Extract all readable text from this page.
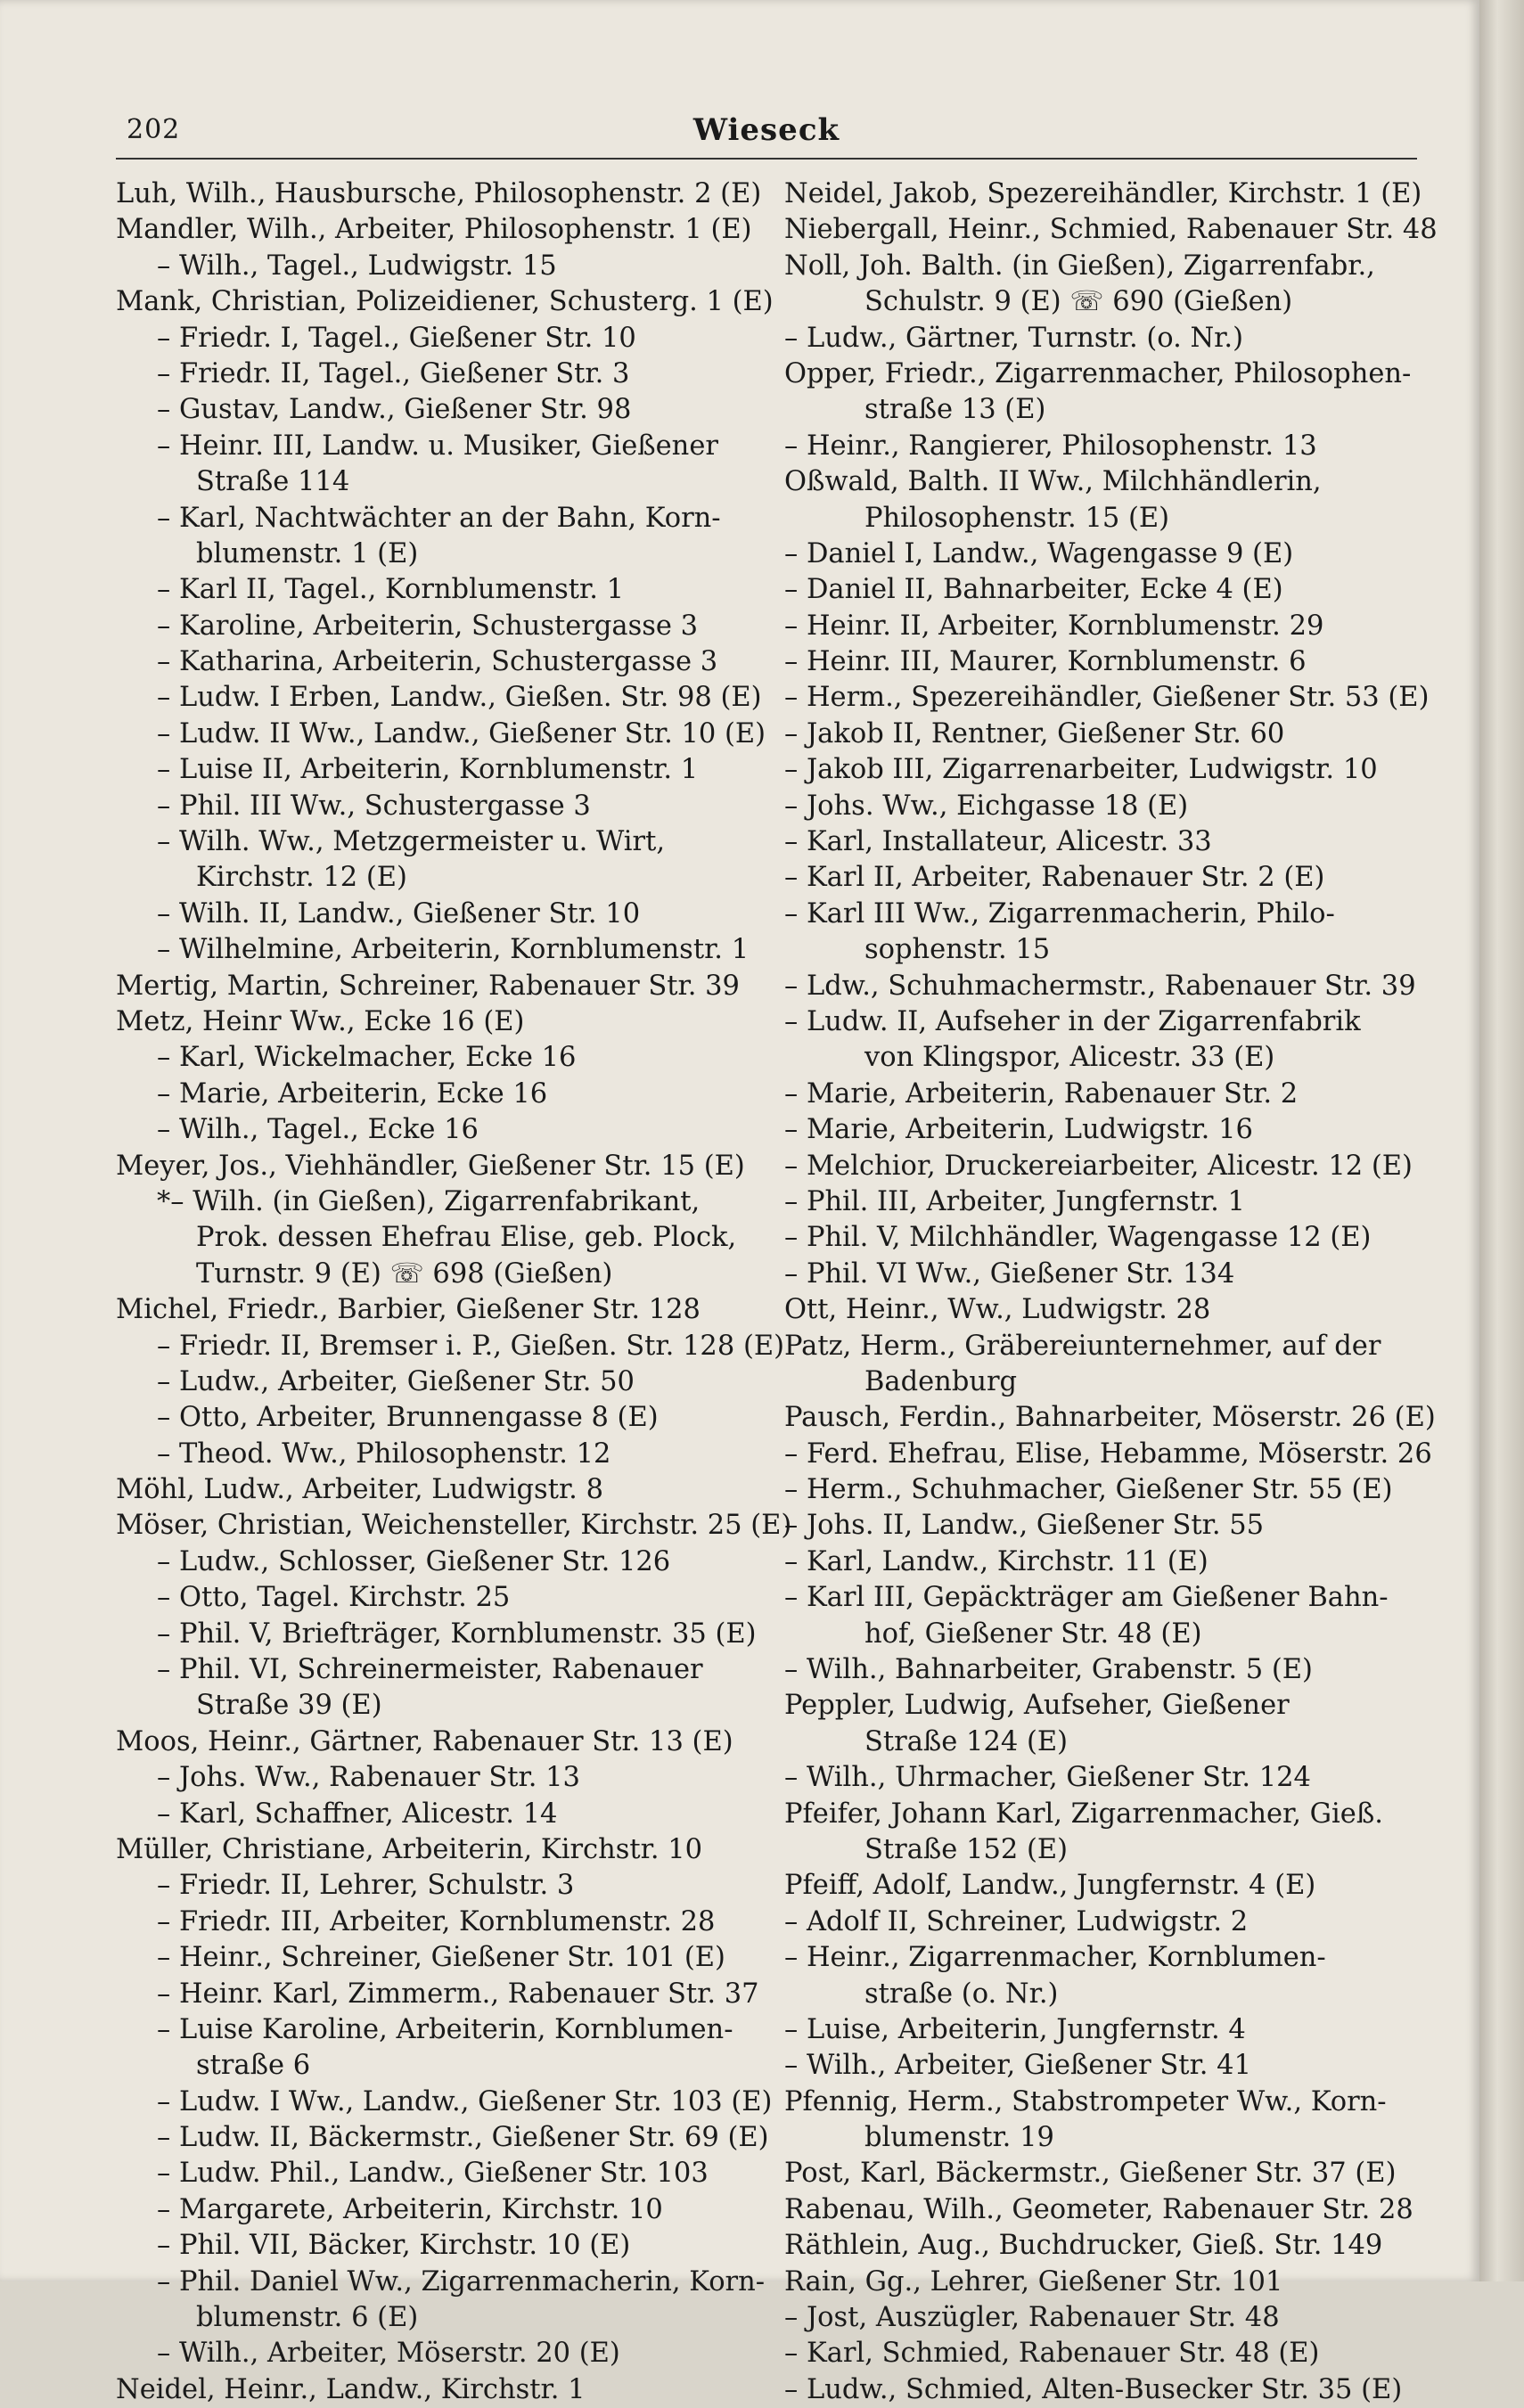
202	Wieseck
Luh, Wilh., Hausbursche, Philosophenstr. 2 (E)
Mandler, Wilh., Arbeiter, Philosophenstr. 1 (E)
– Wilh., Tagel., Ludwigstr. 15
Mank, Christian, Polizeidiener, Schusterg. 1 (E)
– Friedr. I, Tagel., Gießener Str. 10
– Friedr. II, Tagel., Gießener Str. 3
– Gustav, Landw., Gießener Str. 98
– Heinr. III, Landw. u. Musiker, Gießener
Straße 114
– Karl, Nachtwächter an der Bahn, Korn-
blumenstr. 1 (E)
– Karl II, Tagel., Kornblumenstr. 1
– Karoline, Arbeiterin, Schustergasse 3
– Katharina, Arbeiterin, Schustergasse 3
– Ludw. I Erben, Landw., Gießen. Str. 98 (E)
– Ludw. II Ww., Landw., Gießener Str. 10 (E)
– Luise II, Arbeiterin, Kornblumenstr. 1
– Phil. III Ww., Schustergasse 3
– Wilh. Ww., Metzgermeister u. Wirt,
Kirchstr. 12 (E)
– Wilh. II, Landw., Gießener Str. 10
– Wilhelmine, Arbeiterin, Kornblumenstr. 1
Mertig, Martin, Schreiner, Rabenauer Str. 39
Metz, Heinr Ww., Ecke 16 (E)
– Karl, Wickelmacher, Ecke 16
– Marie, Arbeiterin, Ecke 16
– Wilh., Tagel., Ecke 16
Meyer, Jos., Viehhändler, Gießener Str. 15 (E)
*– Wilh. (in Gießen), Zigarrenfabrikant,
Prok. dessen Ehefrau Elise, geb. Plock,
Turnstr. 9 (E) ☏ 698 (Gießen)
Michel, Friedr., Barbier, Gießener Str. 128
– Friedr. II, Bremser i. P., Gießen. Str. 128 (E)
– Ludw., Arbeiter, Gießener Str. 50
– Otto, Arbeiter, Brunnengasse 8 (E)
– Theod. Ww., Philosophenstr. 12
Möhl, Ludw., Arbeiter, Ludwigstr. 8
Möser, Christian, Weichensteller, Kirchstr. 25 (E)
– Ludw., Schlosser, Gießener Str. 126
– Otto, Tagel. Kirchstr. 25
– Phil. V, Briefträger, Kornblumenstr. 35 (E)
– Phil. VI, Schreinermeister, Rabenauer
Straße 39 (E)
Moos, Heinr., Gärtner, Rabenauer Str. 13 (E)
– Johs. Ww., Rabenauer Str. 13
– Karl, Schaffner, Alicestr. 14
Müller, Christiane, Arbeiterin, Kirchstr. 10
– Friedr. II, Lehrer, Schulstr. 3
– Friedr. III, Arbeiter, Kornblumenstr. 28
– Heinr., Schreiner, Gießener Str. 101 (E)
– Heinr. Karl, Zimmerm., Rabenauer Str. 37
– Luise Karoline, Arbeiterin, Kornblumen-
straße 6
– Ludw. I Ww., Landw., Gießener Str. 103 (E)
– Ludw. II, Bäckermstr., Gießener Str. 69 (E)
– Ludw. Phil., Landw., Gießener Str. 103
– Margarete, Arbeiterin, Kirchstr. 10
– Phil. VII, Bäcker, Kirchstr. 10 (E)
– Phil. Daniel Ww., Zigarrenmacherin, Korn-
blumenstr. 6 (E)
– Wilh., Arbeiter, Möserstr. 20 (E)
Neidel, Heinr., Landw., Kirchstr. 1
Neidel, Jakob, Spezereihändler, Kirchstr. 1 (E)
Niebergall, Heinr., Schmied, Rabenauer Str. 48
Noll, Joh. Balth. (in Gießen), Zigarrenfabr.,
Schulstr. 9 (E) ☏ 690 (Gießen)
– Ludw., Gärtner, Turnstr. (o. Nr.)
Opper, Friedr., Zigarrenmacher, Philosophen-
straße 13 (E)
– Heinr., Rangierer, Philosophenstr. 13
Oßwald, Balth. II Ww., Milchhändlerin,
Philosophenstr. 15 (E)
– Daniel I, Landw., Wagengasse 9 (E)
– Daniel II, Bahnarbeiter, Ecke 4 (E)
– Heinr. II, Arbeiter, Kornblumenstr. 29
– Heinr. III, Maurer, Kornblumenstr. 6
– Herm., Spezereihändler, Gießener Str. 53 (E)
– Jakob II, Rentner, Gießener Str. 60
– Jakob III, Zigarrenarbeiter, Ludwigstr. 10
– Johs. Ww., Eichgasse 18 (E)
– Karl, Installateur, Alicestr. 33
– Karl II, Arbeiter, Rabenauer Str. 2 (E)
– Karl III Ww., Zigarrenmacherin, Philo-
sophenstr. 15
– Ldw., Schuhmachermstr., Rabenauer Str. 39
– Ludw. II, Aufseher in der Zigarrenfabrik
von Klingspor, Alicestr. 33 (E)
– Marie, Arbeiterin, Rabenauer Str. 2
– Marie, Arbeiterin, Ludwigstr. 16
– Melchior, Druckereiarbeiter, Alicestr. 12 (E)
– Phil. III, Arbeiter, Jungfernstr. 1
– Phil. V, Milchhändler, Wagengasse 12 (E)
– Phil. VI Ww., Gießener Str. 134
Ott, Heinr., Ww., Ludwigstr. 28
Patz, Herm., Gräbereiunternehmer, auf der
Badenburg
Pausch, Ferdin., Bahnarbeiter, Möserstr. 26 (E)
– Ferd. Ehefrau, Elise, Hebamme, Möserstr. 26
– Herm., Schuhmacher, Gießener Str. 55 (E)
– Johs. II, Landw., Gießener Str. 55
– Karl, Landw., Kirchstr. 11 (E)
– Karl III, Gepäckträger am Gießener Bahn-
hof, Gießener Str. 48 (E)
– Wilh., Bahnarbeiter, Grabenstr. 5 (E)
Peppler, Ludwig, Aufseher, Gießener
Straße 124 (E)
– Wilh., Uhrmacher, Gießener Str. 124
Pfeifer, Johann Karl, Zigarrenmacher, Gieß.
Straße 152 (E)
Pfeiff, Adolf, Landw., Jungfernstr. 4 (E)
– Adolf II, Schreiner, Ludwigstr. 2
– Heinr., Zigarrenmacher, Kornblumen-
straße (o. Nr.)
– Luise, Arbeiterin, Jungfernstr. 4
– Wilh., Arbeiter, Gießener Str. 41
Pfennig, Herm., Stabstrompeter Ww., Korn-
blumenstr. 19
Post, Karl, Bäckermstr., Gießener Str. 37 (E)
Rabenau, Wilh., Geometer, Rabenauer Str. 28
Räthlein, Aug., Buchdrucker, Gieß. Str. 149
Rain, Gg., Lehrer, Gießener Str. 101
– Jost, Auszügler, Rabenauer Str. 48
– Karl, Schmied, Rabenauer Str. 48 (E)
– Ludw., Schmied, Alten-Busecker Str. 35 (E)
